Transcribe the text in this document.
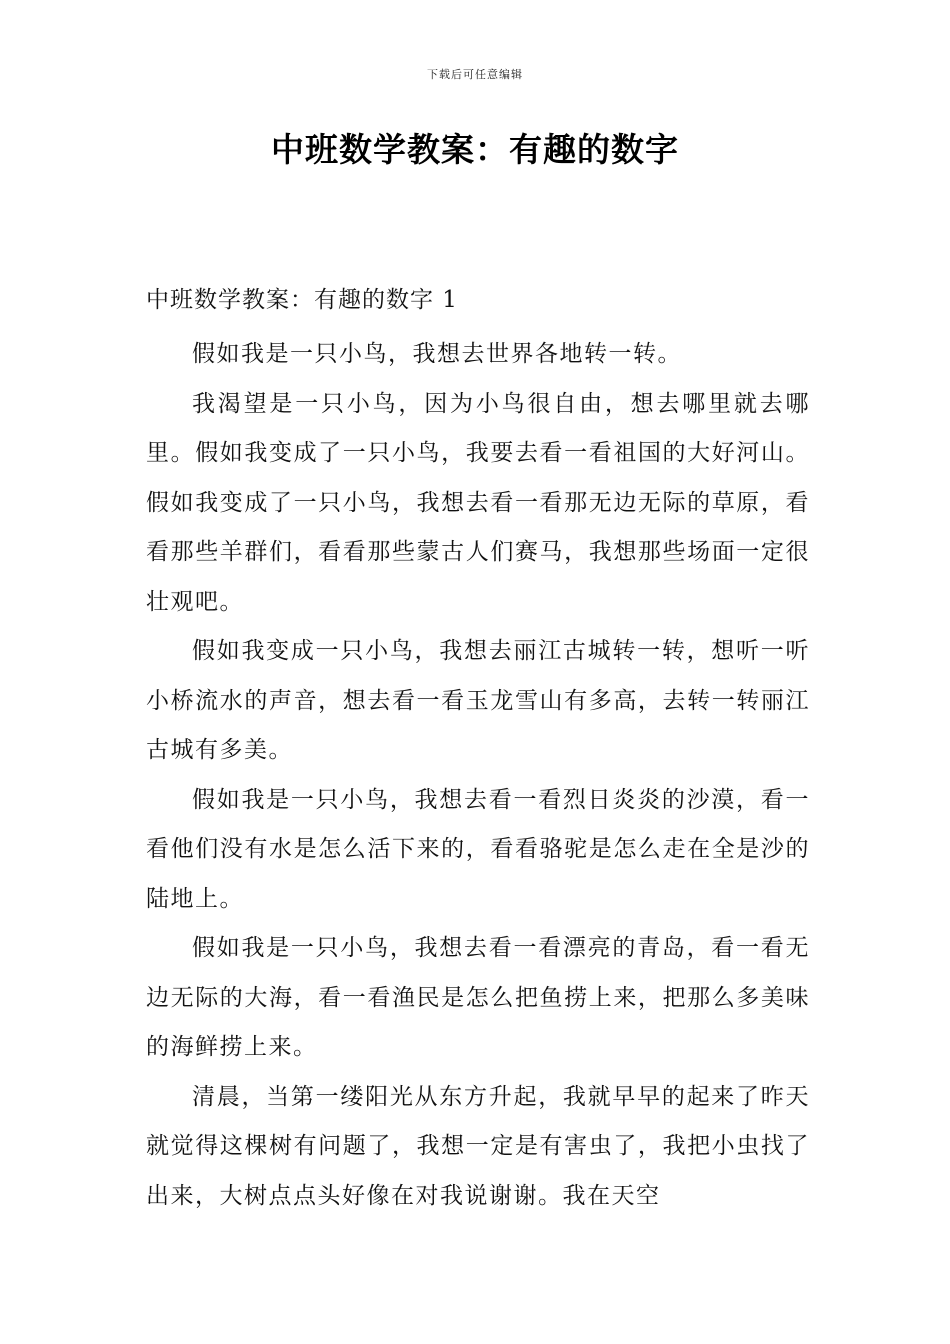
下载后可任意编辑
中班数学教案：有趣的数字

中班数学教案：有趣的数字 1

假如我是一只小鸟，我想去世界各地转一转。

我渴望是一只小鸟，因为小鸟很自由，想去哪里就去哪里。假如我变成了一只小鸟，我要去看一看祖国的大好河山。假如我变成了一只小鸟，我想去看一看那无边无际的草原，看看那些羊群们，看看那些蒙古人们赛马，我想那些场面一定很壮观吧。

假如我变成一只小鸟，我想去丽江古城转一转，想听一听小桥流水的声音，想去看一看玉龙雪山有多高，去转一转丽江古城有多美。

假如我是一只小鸟，我想去看一看烈日炎炎的沙漠，看一看他们没有水是怎么活下来的，看看骆驼是怎么走在全是沙的陆地上。

假如我是一只小鸟，我想去看一看漂亮的青岛，看一看无边无际的大海，看一看渔民是怎么把鱼捞上来，把那么多美味的海鲜捞上来。

清晨，当第一缕阳光从东方升起，我就早早的起来了昨天就觉得这棵树有问题了，我想一定是有害虫了，我把小虫找了出来，大树点点头好像在对我说谢谢。我在天空
